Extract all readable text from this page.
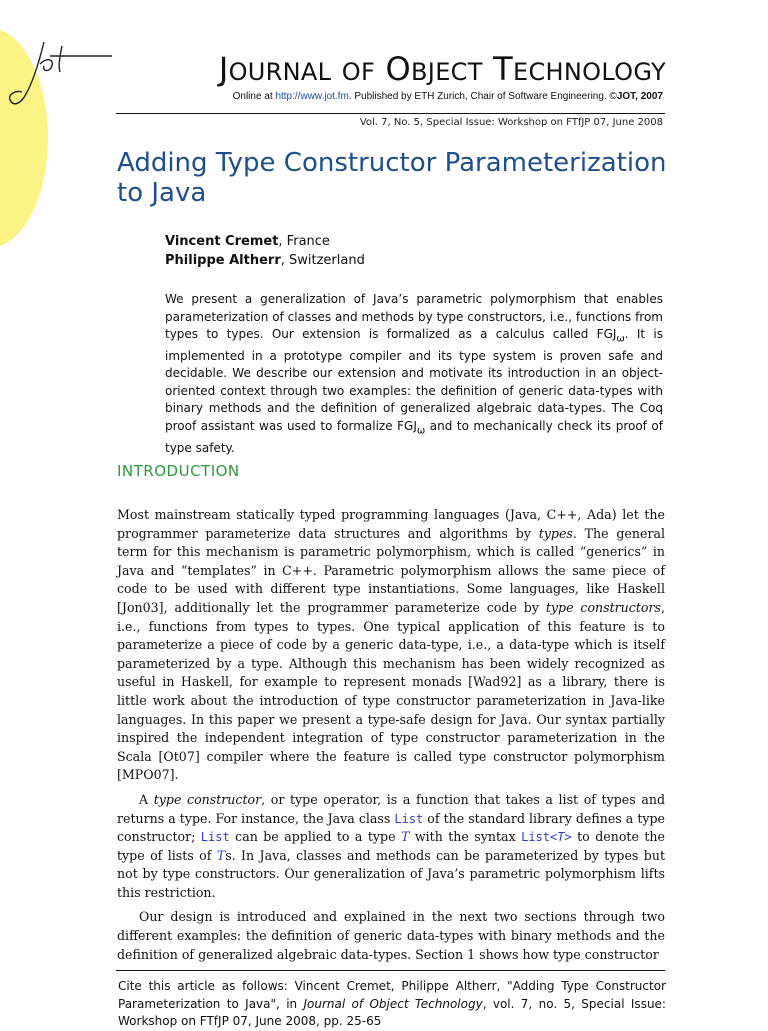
JOURNAL OF OBJECT TECHNOLOGY
Online at http://www.jot.fm. Published by ETH Zurich, Chair of Software Engineering. ©JOT, 2007
Vol. 7, No. 5, Special Issue: Workshop on FTfJP 07, June 2008
Adding Type Constructor Parameterization
to Java
Vincent Cremet, France
Philippe Altherr, Switzerland
We present a generalization of Java’s parametric polymorphism that enables parameterization of classes and methods by type constructors, i.e., functions from types to types. Our extension is formalized as a calculus called $FGJ_\omega$. It is implemented in a prototype compiler and its type system is proven safe and decidable. We describe our extension and motivate its introduction in an object-oriented context through two examples: the definition of generic data-types with binary methods and the definition of generalized algebraic data-types. The Coq proof assistant was used to formalize $FGJ_\omega$ and to mechanically check its proof of type safety.
INTRODUCTION

Most mainstream statically typed programming languages (Java, C++, Ada) let the programmer parameterize data structures and algorithms by types. The general term for this mechanism is parametric polymorphism, which is called “generics” in Java and “templates” in C++. Parametric polymorphism allows the same piece of code to be used with different type instantiations. Some languages, like Haskell [Jon03], additionally let the programmer parameterize code by type constructors, i.e., functions from types to types. One typical application of this feature is to parameterize a piece of code by a generic data-type, i.e., a data-type which is itself parameterized by a type. Although this mechanism has been widely recognized as useful in Haskell, for example to represent monads [Wad92] as a library, there is little work about the introduction of type constructor parameterization in Java-like languages. In this paper we present a type-safe design for Java. Our syntax partially inspired the independent integration of type constructor parameterization in the Scala [Ot07] compiler where the feature is called type constructor polymorphism [MPO07].

A type constructor, or type operator, is a function that takes a list of types and returns a type. For instance, the Java class List of the standard library defines a type constructor; List can be applied to a type T with the syntax List<T> to denote the type of lists of Ts. In Java, classes and methods can be parameterized by types but not by type constructors. Our generalization of Java’s parametric polymorphism lifts this restriction.

Our design is introduced and explained in the next two sections through two different examples: the definition of generic data-types with binary methods and the definition of generalized algebraic data-types. Section 1 shows how type constructor

Cite this article as follows: Vincent Cremet, Philippe Altherr, "Adding Type Constructor Parameterization to Java", in Journal of Object Technology, vol. 7, no. 5, Special Issue: Workshop on FTfJP 07, June 2008, pp. 25-65
